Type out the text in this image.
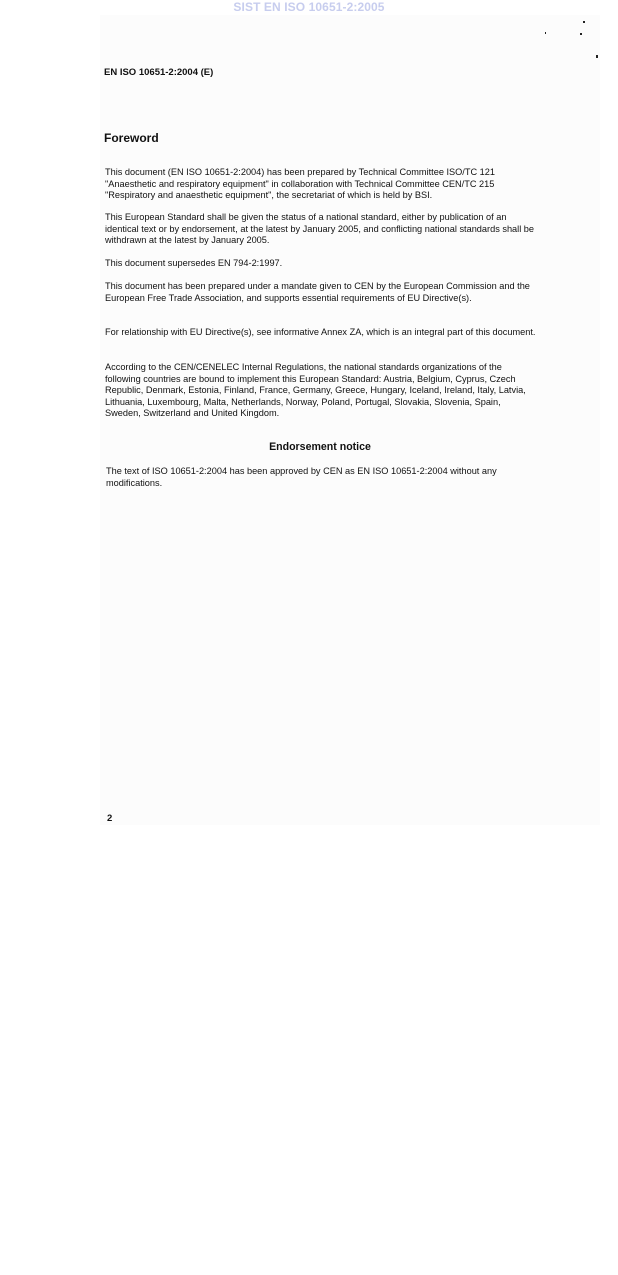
SIST EN ISO 10651-2:2005
EN ISO 10651-2:2004 (E)
Foreword

This document (EN ISO 10651-2:2004) has been prepared by Technical Committee ISO/TC 121 "Anaesthetic and respiratory equipment" in collaboration with Technical Committee CEN/TC 215 "Respiratory and anaesthetic equipment", the secretariat of which is held by BSI.

This European Standard shall be given the status of a national standard, either by publication of an identical text or by endorsement, at the latest by January 2005, and conflicting national standards shall be withdrawn at the latest by January 2005.

This document supersedes EN 794-2:1997.

This document has been prepared under a mandate given to CEN by the European Commission and the European Free Trade Association, and supports essential requirements of EU Directive(s).

For relationship with EU Directive(s), see informative Annex ZA, which is an integral part of this document.

According to the CEN/CENELEC Internal Regulations, the national standards organizations of the following countries are bound to implement this European Standard: Austria, Belgium, Cyprus, Czech Republic, Denmark, Estonia, Finland, France, Germany, Greece, Hungary, Iceland, Ireland, Italy, Latvia, Lithuania, Luxembourg, Malta, Netherlands, Norway, Poland, Portugal, Slovakia, Slovenia, Spain, Sweden, Switzerland and United Kingdom.

Endorsement notice

The text of ISO 10651-2:2004 has been approved by CEN as EN ISO 10651-2:2004 without any modifications.

2
